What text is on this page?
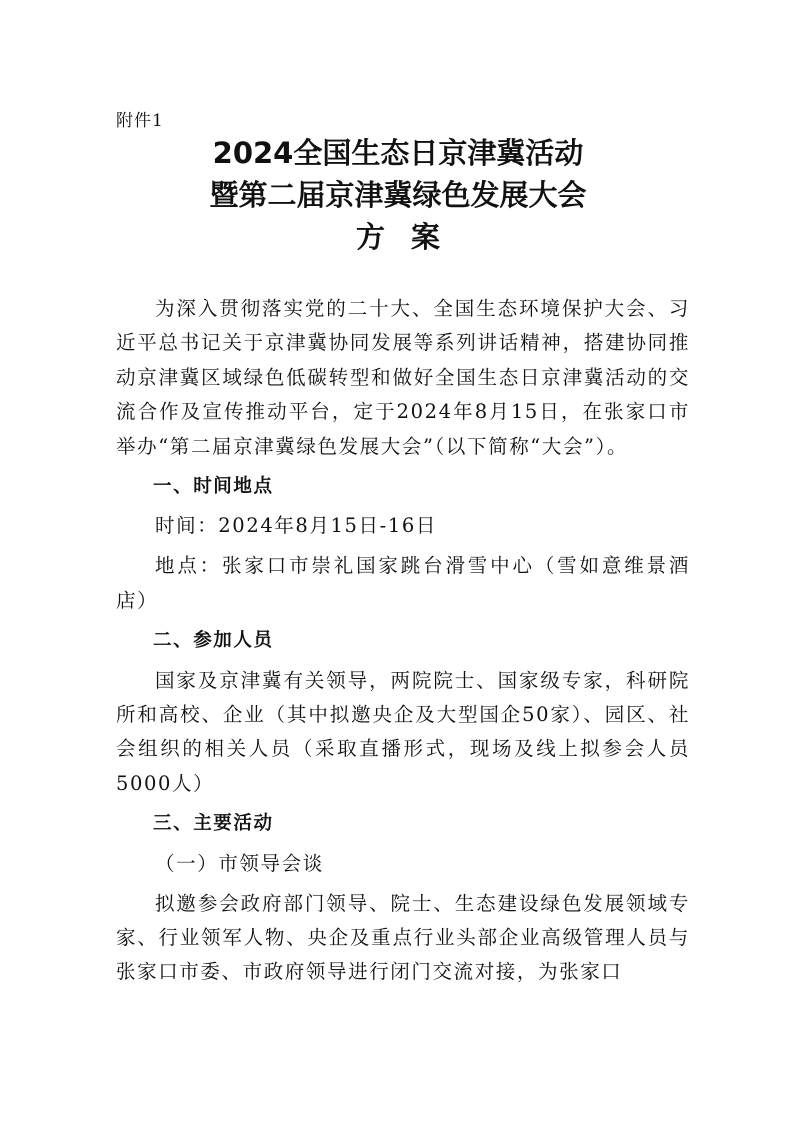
附件1
2024全国生态日京津冀活动
暨第二届京津冀绿色发展大会
方案

为深入贯彻落实党的二十大、全国生态环境保护大会、习近平总书记关于京津冀协同发展等系列讲话精神，搭建协同推动京津冀区域绿色低碳转型和做好全国生态日京津冀活动的交流合作及宣传推动平台，定于2024年8月15日，在张家口市举办“第二届京津冀绿色发展大会”（以下简称“大会”）。

一、时间地点

时间：2024年8月15日-16日

地点：张家口市崇礼国家跳台滑雪中心（雪如意维景酒店）

二、参加人员

国家及京津冀有关领导，两院院士、国家级专家，科研院所和高校、企业（其中拟邀央企及大型国企50家）、园区、社会组织的相关人员（采取直播形式，现场及线上拟参会人员5000人）

三、主要活动

（一）市领导会谈

拟邀参会政府部门领导、院士、生态建设绿色发展领域专家、行业领军人物、央企及重点行业头部企业高级管理人员与张家口市委、市政府领导进行闭门交流对接，为张家口
